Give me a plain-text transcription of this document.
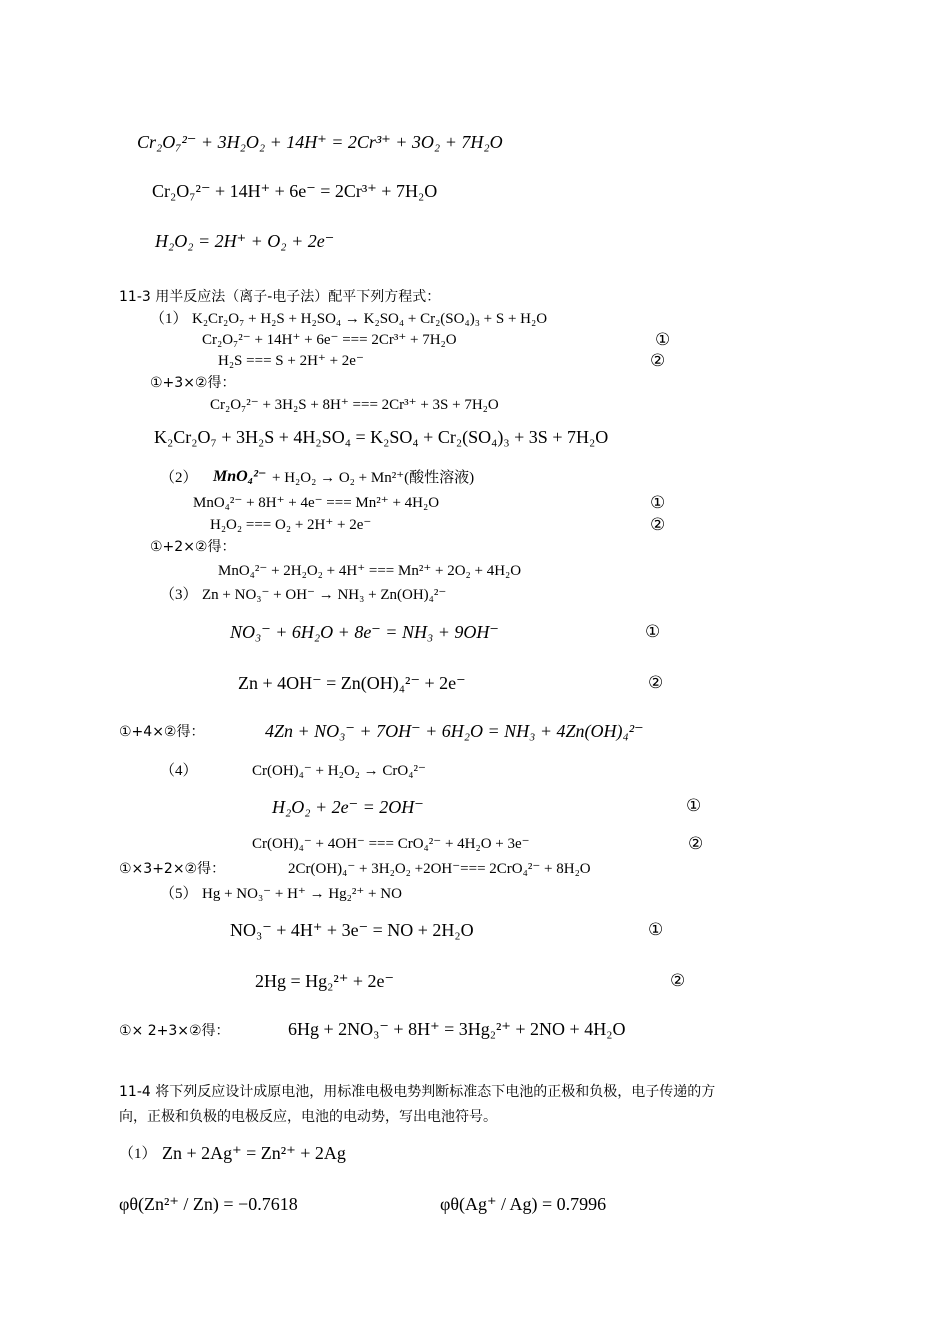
Cr₂O₇²⁻ + 3H₂O₂ + 14H⁺ = 2Cr³⁺ + 3O₂ + 7H₂O
Cr₂O₇²⁻ + 14H⁺ + 6e⁻ = 2Cr³⁺ + 7H₂O
H₂O₂ = 2H⁺ + O₂ + 2e⁻
11-3 用半反应法（离子-电子法）配平下列方程式：
（1） K₂Cr₂O₇ + H₂S + H₂SO₄ → K₂SO₄ + Cr₂(SO₄)₃ + S + H₂O
Cr₂O₇²⁻ + 14H⁺ + 6e⁻ === 2Cr³⁺ + 7H₂O	①
H₂S === S + 2H⁺ + 2e⁻	②
①+3×②得：
Cr₂O₇²⁻ + 3H₂S + 8H⁺ === 2Cr³⁺ + 3S + 7H₂O
K₂Cr₂O₇ + 3H₂S + 4H₂SO₄ = K₂SO₄ + Cr₂(SO₄)₃ + 3S + 7H₂O
（2） MnO₄²⁻ + H₂O₂ → O₂ + Mn²⁺(酸性溶液)
MnO₄²⁻ + 8H⁺ + 4e⁻ === Mn²⁺ + 4H₂O	①
H₂O₂ === O₂ + 2H⁺ + 2e⁻	②
①+2×②得：
MnO₄²⁻ + 2H₂O₂ + 4H⁺ === Mn²⁺ + 2O₂ + 4H₂O
（3） Zn + NO₃⁻ + OH⁻ → NH₃ + Zn(OH)₄²⁻
NO₃⁻ + 6H₂O + 8e⁻ = NH₃ + 9OH⁻	①
Zn + 4OH⁻ = Zn(OH)₄²⁻ + 2e⁻	②
①+4×②得：	4Zn + NO₃⁻ + 7OH⁻ + 6H₂O = NH₃ + 4Zn(OH)₄²⁻
（4）	Cr(OH)₄⁻ + H₂O₂ → CrO₄²⁻
H₂O₂ + 2e⁻ = 2OH⁻	①
Cr(OH)₄⁻ + 4OH⁻ === CrO₄²⁻ + 4H₂O + 3e⁻	②
①×3+2×②得：	2Cr(OH)₄⁻ + 3H₂O₂ +2OH⁻=== 2CrO₄²⁻ + 8H₂O
（5） Hg + NO₃⁻ + H⁺ → Hg₂²⁺ + NO
NO₃⁻ + 4H⁺ + 3e⁻ = NO + 2H₂O	①
2Hg = Hg₂²⁺ + 2e⁻	②
①× 2+3×②得：	6Hg + 2NO₃⁻ + 8H⁺ = 3Hg₂²⁺ + 2NO + 4H₂O
11-4 将下列反应设计成原电池，用标准电极电势判断标准态下电池的正极和负极，电子传递的方
向，正极和负极的电极反应，电池的电动势，写出电池符号。
（1） Zn + 2Ag⁺ = Zn²⁺ + 2Ag
φθ(Zn²⁺ / Zn) = −0.7618	φθ(Ag⁺ / Ag) = 0.7996
